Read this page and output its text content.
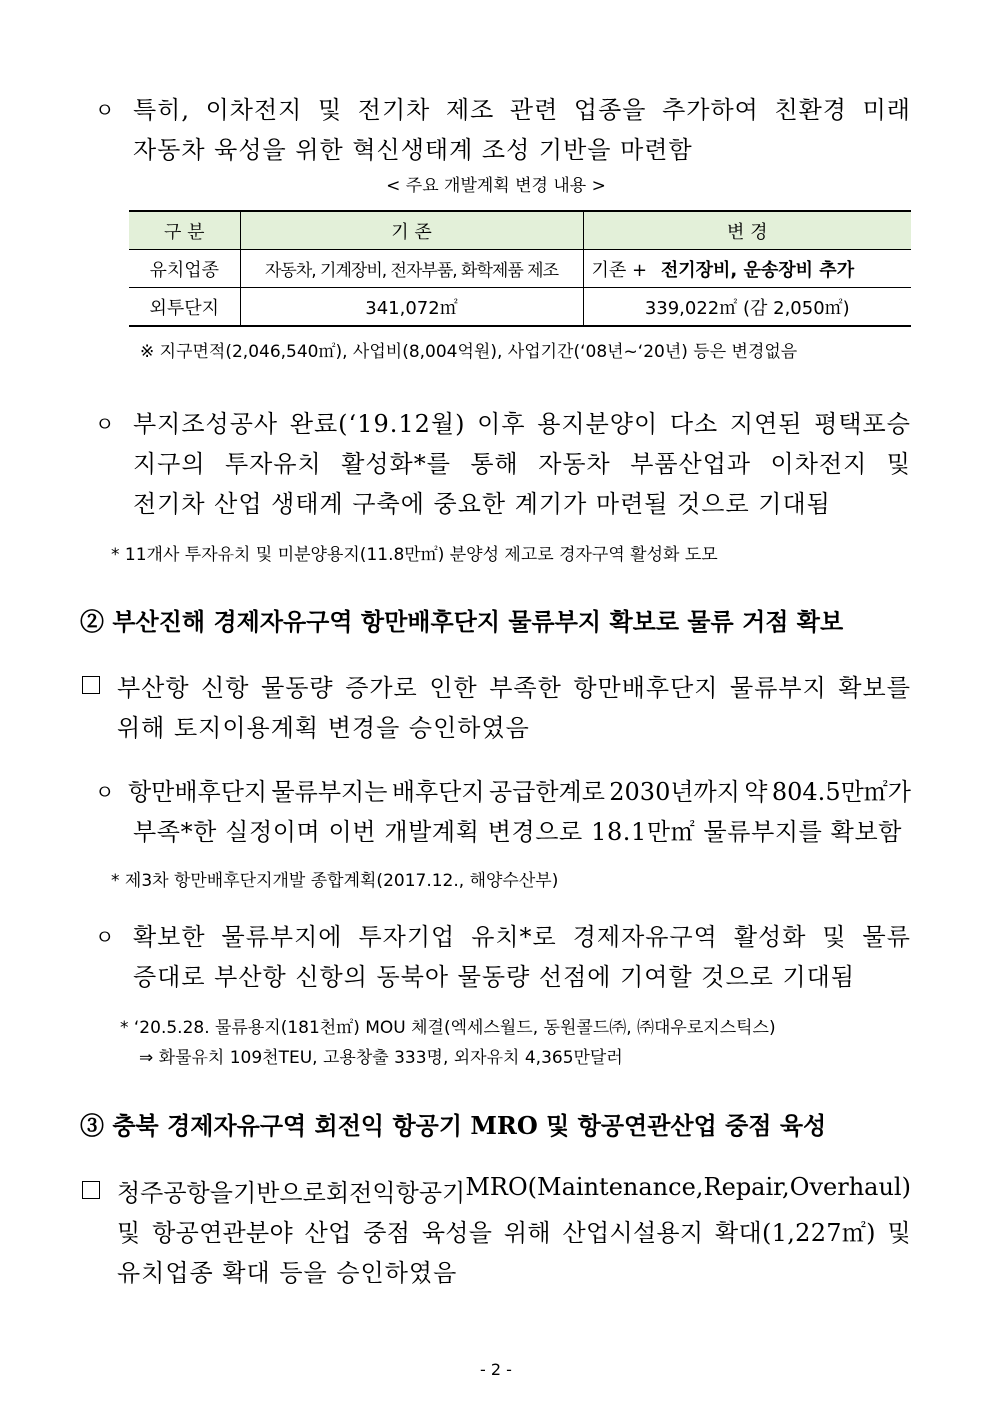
ㅇ 특히, 이차전지 및 전기차 제조 관련 업종을 추가하여 친환경 미래
자동차 육성을 위한 혁신생태계 조성 기반을 마련함
< 주요 개발계획 변경 내용 >
구 분	기 존	변 경
유치업종	자동차, 기계장비, 전자부품, 화학제품 제조	기존 + 전기장비, 운송장비 추가
외투단지	341,072㎡	339,022㎡ (감 2,050㎡)
※ 지구면적(2,046,540㎡), 사업비(8,004억원), 사업기간(‘08년~‘20년) 등은 변경없음
ㅇ 부지조성공사 완료(‘19.12월) 이후 용지분양이 다소 지연된 평택포승
지구의 투자유치 활성화*를 통해 자동차 부품산업과 이차전지 및
전기차 산업 생태계 구축에 중요한 계기가 마련될 것으로 기대됨
* 11개사 투자유치 및 미분양용지(11.8만㎡) 분양성 제고로 경자구역 활성화 도모
② 부산진해 경제자유구역 항만배후단지 물류부지 확보로 물류 거점 확보
부산항 신항 물동량 증가로 인한 부족한 항만배후단지 물류부지 확보를
위해 토지이용계획 변경을 승인하였음
ㅇ 항만배후단지 물류부지는 배후단지 공급한계로 2030년까지 약 804.5만㎡가
부족*한 실정이며 이번 개발계획 변경으로 18.1만㎡ 물류부지를 확보함
* 제3차 항만배후단지개발 종합계획(2017.12., 해양수산부)
ㅇ 확보한 물류부지에 투자기업 유치*로 경제자유구역 활성화 및 물류
증대로 부산항 신항의 동북아 물동량 선점에 기여할 것으로 기대됨
* ‘20.5.28. 물류용지(181천㎡) MOU 체결(엑세스월드, 동원콜드㈜, ㈜대우로지스틱스)
⇒ 화물유치 109천TEU, 고용창출 333명, 외자유치 4,365만달러
③ 충북 경제자유구역 회전익 항공기 MRO 및 항공연관산업 중점 육성
청주공항을 기반으로 회전익 항공기 MRO(Maintenance, Repair, Overhaul)
및 항공연관분야 산업 중점 육성을 위해 산업시설용지 확대(1,227㎡) 및
유치업종 확대 등을 승인하였음
- 2 -
